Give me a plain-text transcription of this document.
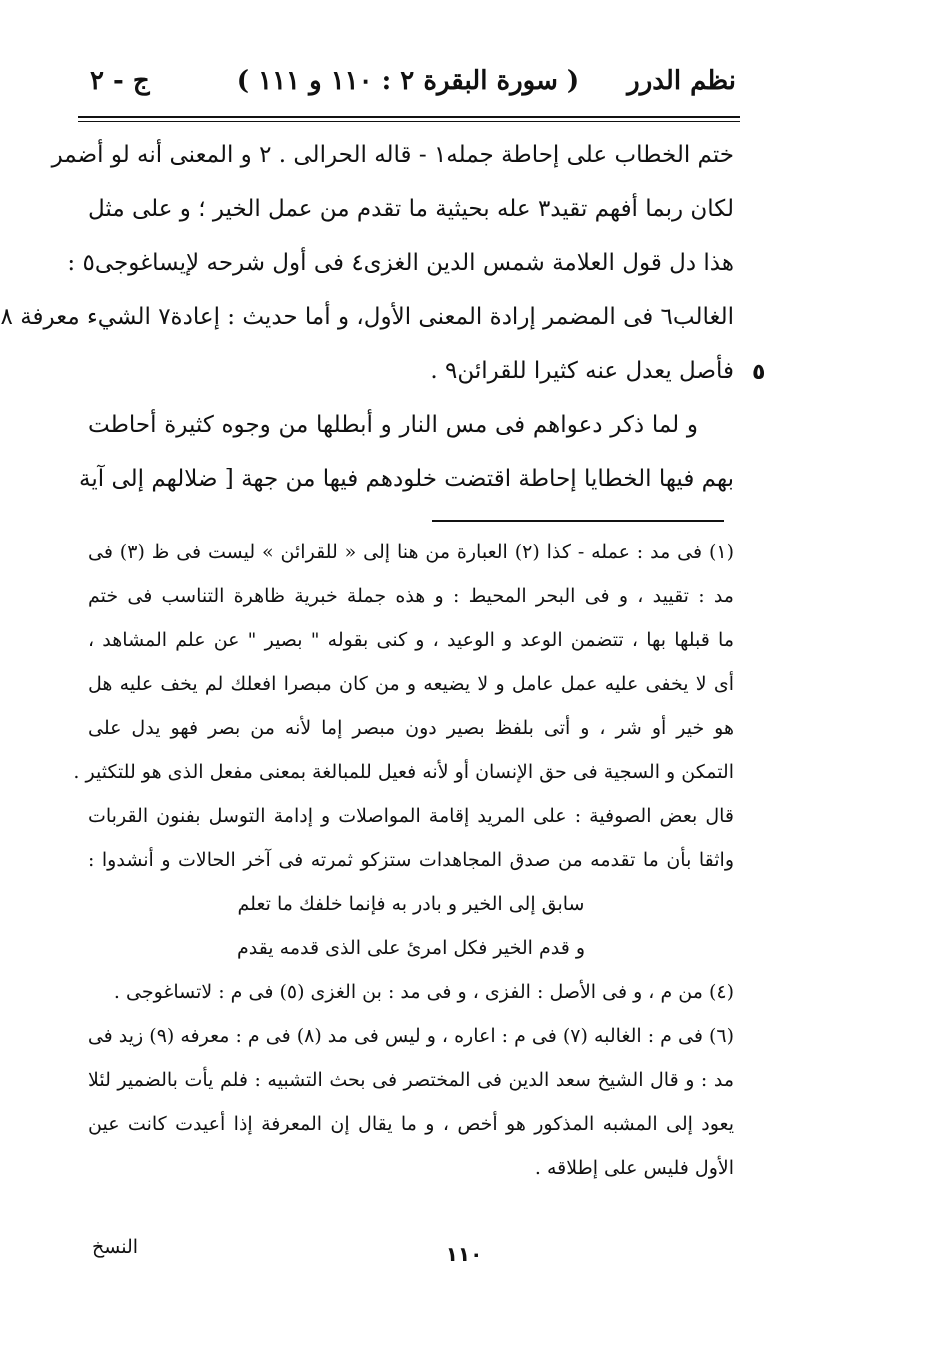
نظم الدرر
( سورة البقرة ٢ : ١١٠ و ١١١ )
ج - ٢
ختم الخطاب على إحاطة جمله١ - قاله الحرالى . ٢ و المعنى أنه لو أضمر
لكان ربما أفهم تقيد٣ عله بحيثية ما تقدم من عمل الخير ؛ و على مثل
هذا دل قول العلامة شمس الدين الغزى٤ فى أول شرحه لإيساغوجى٥ :
الغالب٦ فى المضمر إرادة المعنى الأول، و أما حديث : إعادة٧ الشيء معرفة ٨
فأصل يعدل عنه كثيرا للقرائن٩ .
و لما ذكر دعواهم فى مس النار و أبطلها من وجوه كثيرة أحاطت
بهم فيها الخطايا إحاطة اقتضت خلودهم فيها من جهة [ ضلالهم إلى آية
٥
(١) فى مد : عمله - كذا (٢) العبارة من هنا إلى « للقرائن » ليست فى ظ (٣) فى
مد : تقييد ، و فى البحر المحيط : و هذه جملة خبرية ظاهرة التناسب فى ختم
ما قبلها بها ، تتضمن الوعد و الوعيد ، و كنى بقوله " بصير " عن علم المشاهد ،
أى لا يخفى عليه عمل عامل و لا يضيعه و من كان مبصرا افعلك لم يخف عليه هل
هو خير أو شر ، و أتى بلفظ بصير دون مبصر إما لأنه من بصر فهو يدل على
التمكن و السجية فى حق الإنسان أو لأنه فعيل للمبالغة بمعنى مفعل الذى هو للتكثير .
قال بعض الصوفية : على المريد إقامة المواصلات و إدامة التوسل بفنون القربات
واثقا بأن ما تقدمه من صدق المجاهدات ستزكو ثمرته فى آخر الحالات و أنشدوا :
سابق إلى الخير و بادر به فإنما خلفك ما تعلم
و قدم الخير فكل امرئ على الذى قدمه يقدم
(٤) من م ، و فى الأصل : الفزى ، و فى مد : بن الغزى (٥) فى م : لاتساغوجى .
(٦) فى م : الغالبه (٧) فى م : اعاره ، و ليس فى مد (٨) فى م : معرفه (٩) زيد فى
مد : و قال الشيخ سعد الدين فى المختصر فى بحث التشبيه : فلم يأت بالضمير لئلا
يعود إلى المشبه المذكور هو أخص ، و ما يقال إن المعرفة إذا أعيدت كانت عين
الأول فليس على إطلاقه .
١١٠
النسخ
